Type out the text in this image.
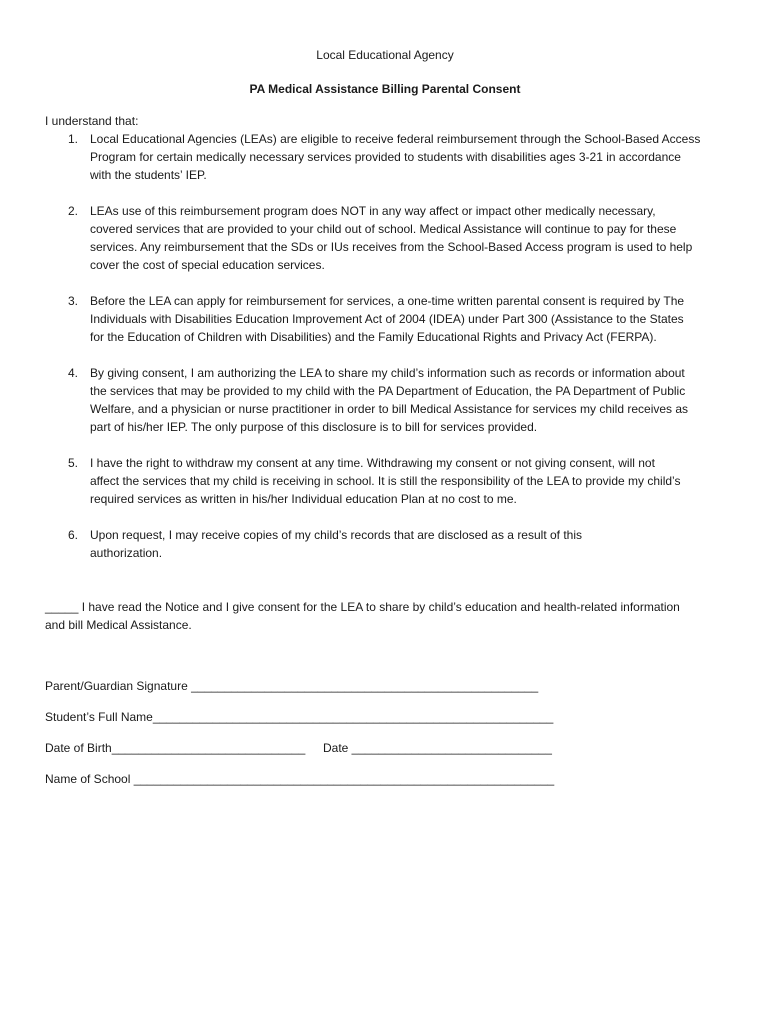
Local Educational Agency
PA Medical Assistance Billing Parental Consent
I understand that:
1. Local Educational Agencies (LEAs) are eligible to receive federal reimbursement through the School-Based Access
Program for certain medically necessary services provided to students with disabilities ages 3-21 in accordance
with the students’ IEP.
2. LEAs use of this reimbursement program does NOT in any way affect or impact other medically necessary,
covered services that are provided to your child out of school. Medical Assistance will continue to pay for these
services. Any reimbursement that the SDs or IUs receives from the School-Based Access program is used to help
cover the cost of special education services.
3. Before the LEA can apply for reimbursement for services, a one-time written parental consent is required by The
Individuals with Disabilities Education Improvement Act of 2004 (IDEA) under Part 300 (Assistance to the States
for the Education of Children with Disabilities) and the Family Educational Rights and Privacy Act (FERPA).
4. By giving consent, I am authorizing the LEA to share my child’s information such as records or information about
the services that may be provided to my child with the PA Department of Education, the PA Department of Public
Welfare, and a physician or nurse practitioner in order to bill Medical Assistance for services my child receives as
part of his/her IEP. The only purpose of this disclosure is to bill for services provided.
5. I have the right to withdraw my consent at any time. Withdrawing my consent or not giving consent, will not
affect the services that my child is receiving in school. It is still the responsibility of the LEA to provide my child’s
required services as written in his/her Individual education Plan at no cost to me.
6. Upon request, I may receive copies of my child’s records that are disclosed as a result of this
authorization.
_____ I have read the Notice and I give consent for the LEA to share by child’s education and health-related information
and bill Medical Assistance.
Parent/Guardian Signature ____________________________________________________
Student’s Full Name____________________________________________________________
Date of Birth_____________________________ Date ______________________________
Name of School _______________________________________________________________
